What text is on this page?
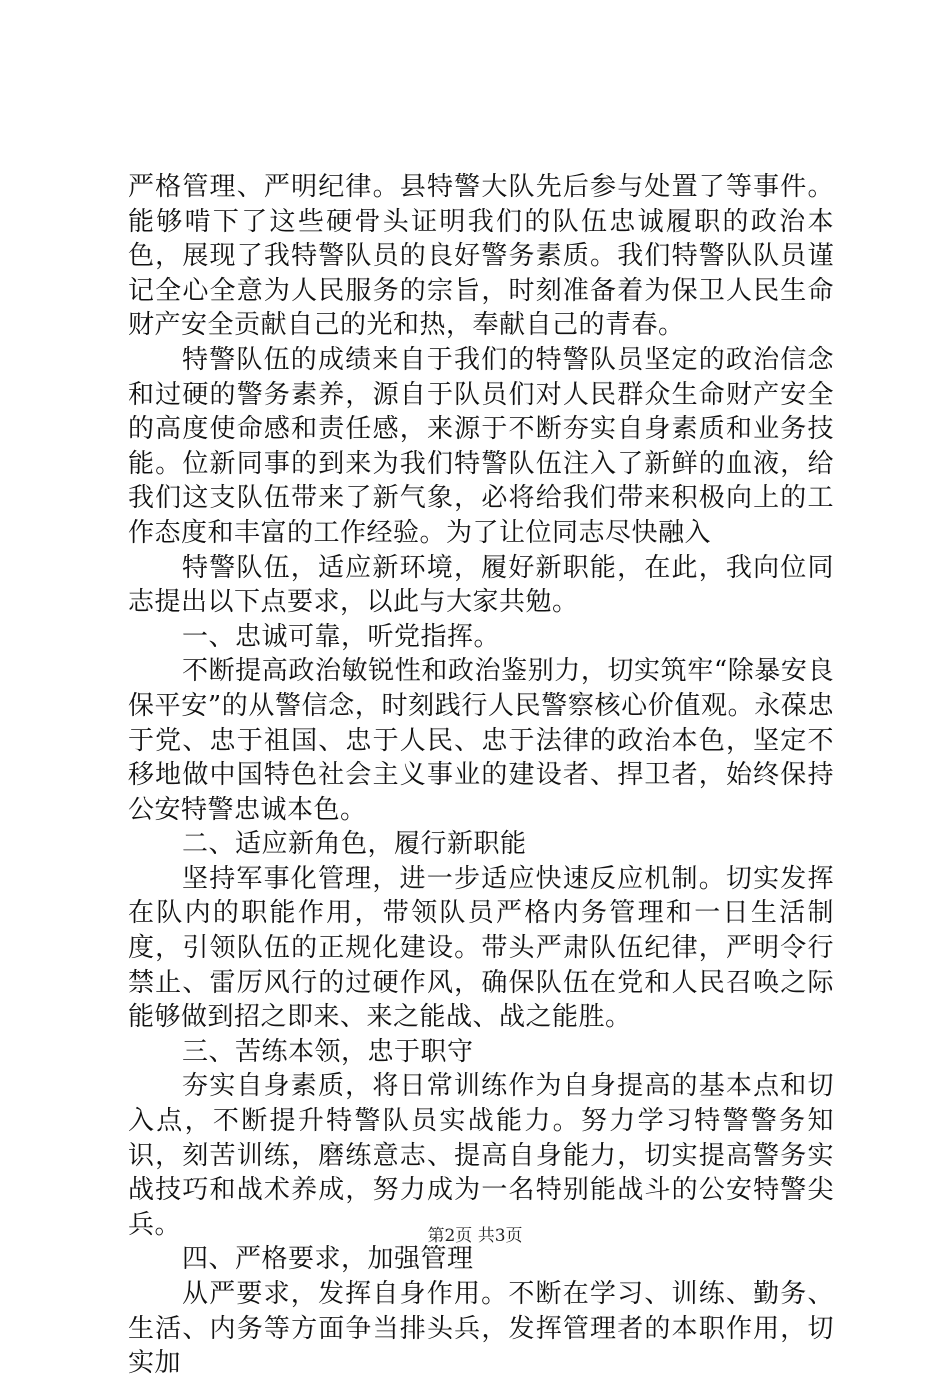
严格管理、严明纪律。县特警大队先后参与处置了等事件。能够啃下了这些硬骨头证明我们的队伍忠诚履职的政治本色，展现了我特警队员的良好警务素质。我们特警队队员谨记全心全意为人民服务的宗旨，时刻准备着为保卫人民生命财产安全贡献自己的光和热，奉献自己的青春。

特警队伍的成绩来自于我们的特警队员坚定的政治信念和过硬的警务素养，源自于队员们对人民群众生命财产安全的高度使命感和责任感，来源于不断夯实自身素质和业务技能。位新同事的到来为我们特警队伍注入了新鲜的血液，给我们这支队伍带来了新气象，必将给我们带来积极向上的工作态度和丰富的工作经验。为了让位同志尽快融入

特警队伍，适应新环境，履好新职能，在此，我向位同志提出以下点要求，以此与大家共勉。

一、忠诚可靠，听党指挥。

不断提高政治敏锐性和政治鉴别力，切实筑牢“除暴安良保平安”的从警信念，时刻践行人民警察核心价值观。永葆忠于党、忠于祖国、忠于人民、忠于法律的政治本色，坚定不移地做中国特色社会主义事业的建设者、捍卫者，始终保持公安特警忠诚本色。

二、适应新角色，履行新职能

坚持军事化管理，进一步适应快速反应机制。切实发挥在队内的职能作用，带领队员严格内务管理和一日生活制度，引领队伍的正规化建设。带头严肃队伍纪律，严明令行禁止、雷厉风行的过硬作风，确保队伍在党和人民召唤之际能够做到招之即来、来之能战、战之能胜。

三、苦练本领，忠于职守

夯实自身素质，将日常训练作为自身提高的基本点和切入点，不断提升特警队员实战能力。努力学习特警警务知识，刻苦训练，磨练意志、提高自身能力，切实提高警务实战技巧和战术养成，努力成为一名特别能战斗的公安特警尖兵。

四、严格要求，加强管理

从严要求，发挥自身作用。不断在学习、训练、勤务、生活、内务等方面争当排头兵，发挥管理者的本职作用，切实加

第2页 共3页
